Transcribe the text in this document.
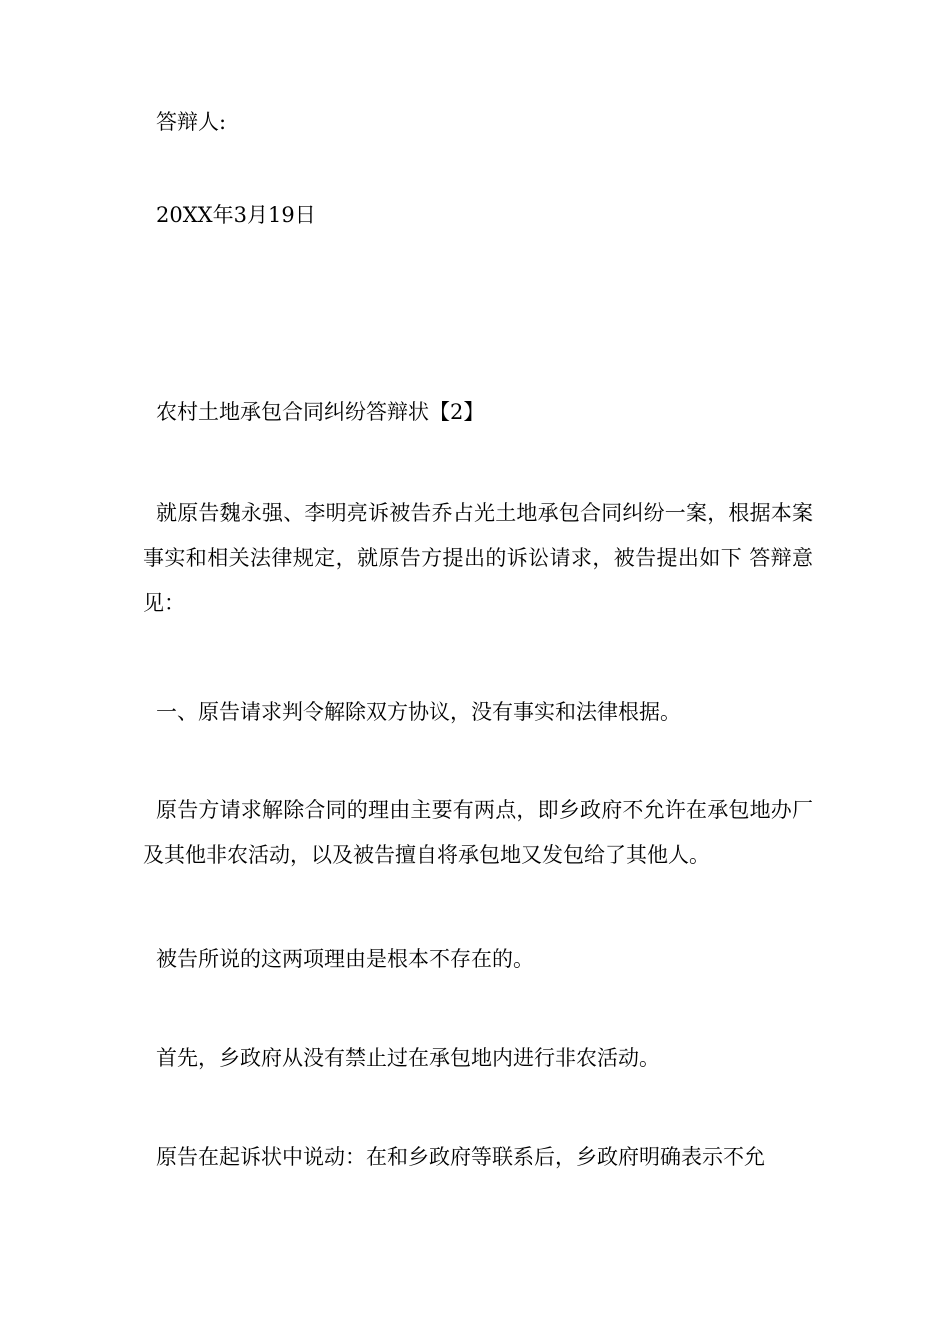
答辩人:

20XX年3月19日

农村土地承包合同纠纷答辩状【2】

就原告魏永强、李明亮诉被告乔占光土地承包合同纠纷一案，根据本案事实和相关法律规定，就原告方提出的诉讼请求，被告提出如下 答辩意见：

一、原告请求判令解除双方协议，没有事实和法律根据。

原告方请求解除合同的理由主要有两点，即乡政府不允许在承包地办厂及其他非农活动，以及被告擅自将承包地又发包给了其他人。

被告所说的这两项理由是根本不存在的。

首先，乡政府从没有禁止过在承包地内进行非农活动。

原告在起诉状中说动：在和乡政府等联系后，乡政府明确表示不允
